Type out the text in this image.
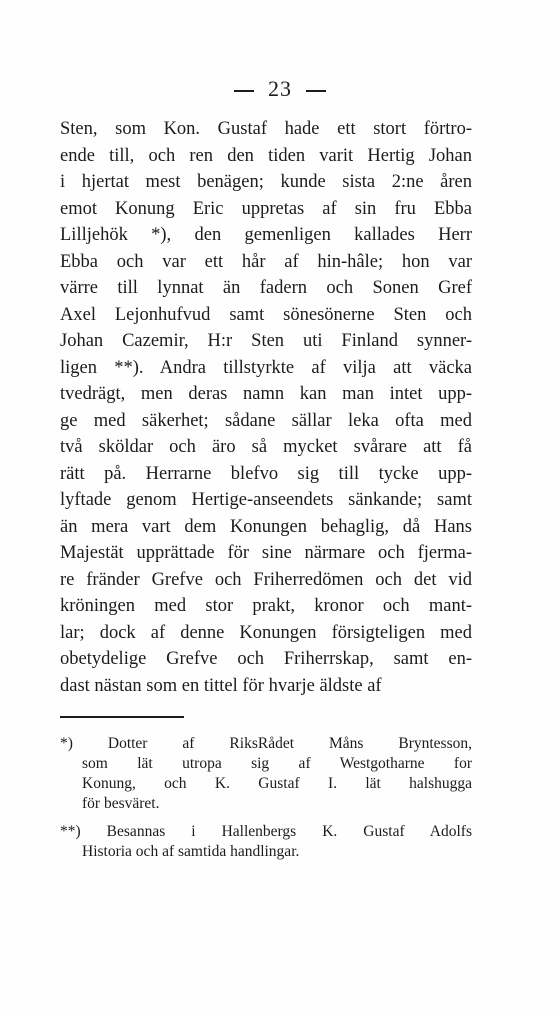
23
Sten, som Kon. Gustaf hade ett stort förtro-
ende till, och ren den tiden varit Hertig Johan
i hjertat mest benägen; kunde sista 2:ne åren
emot Konung Eric uppretas af sin fru Ebba
Lilljehök *), den gemenligen kallades Herr
Ebba och var ett hår af hin-hâle; hon var
värre till lynnat än fadern och Sonen Gref
Axel Lejonhufvud samt sönesönerne Sten och
Johan Cazemir, H:r Sten uti Finland synner-
ligen **). Andra tillstyrkte af vilja att väcka
tvedrägt, men deras namn kan man intet upp-
ge med säkerhet; sådane sällar leka ofta med
två sköldar och äro så mycket svårare att få
rätt på. Herrarne blefvo sig till tycke upp-
lyftade genom Hertige-anseendets sänkande; samt
än mera vart dem Konungen behaglig, då Hans
Majestät upprättade för sine närmare och fjerma-
re fränder Grefve och Friherredömen och det vid
kröningen med stor prakt, kronor och mant-
lar; dock af denne Konungen försigteligen med
obetydelige Grefve och Friherrskap, samt en-
dast nästan som en tittel för hvarje äldste af
*) Dotter af RiksRådet Måns Bryntesson,
som lät utropa sig af Westgotharne for
Konung, och K. Gustaf I. lät halshugga
för besväret.
**) Besannas i Hallenbergs K. Gustaf Adolfs
Historia och af samtida handlingar.
